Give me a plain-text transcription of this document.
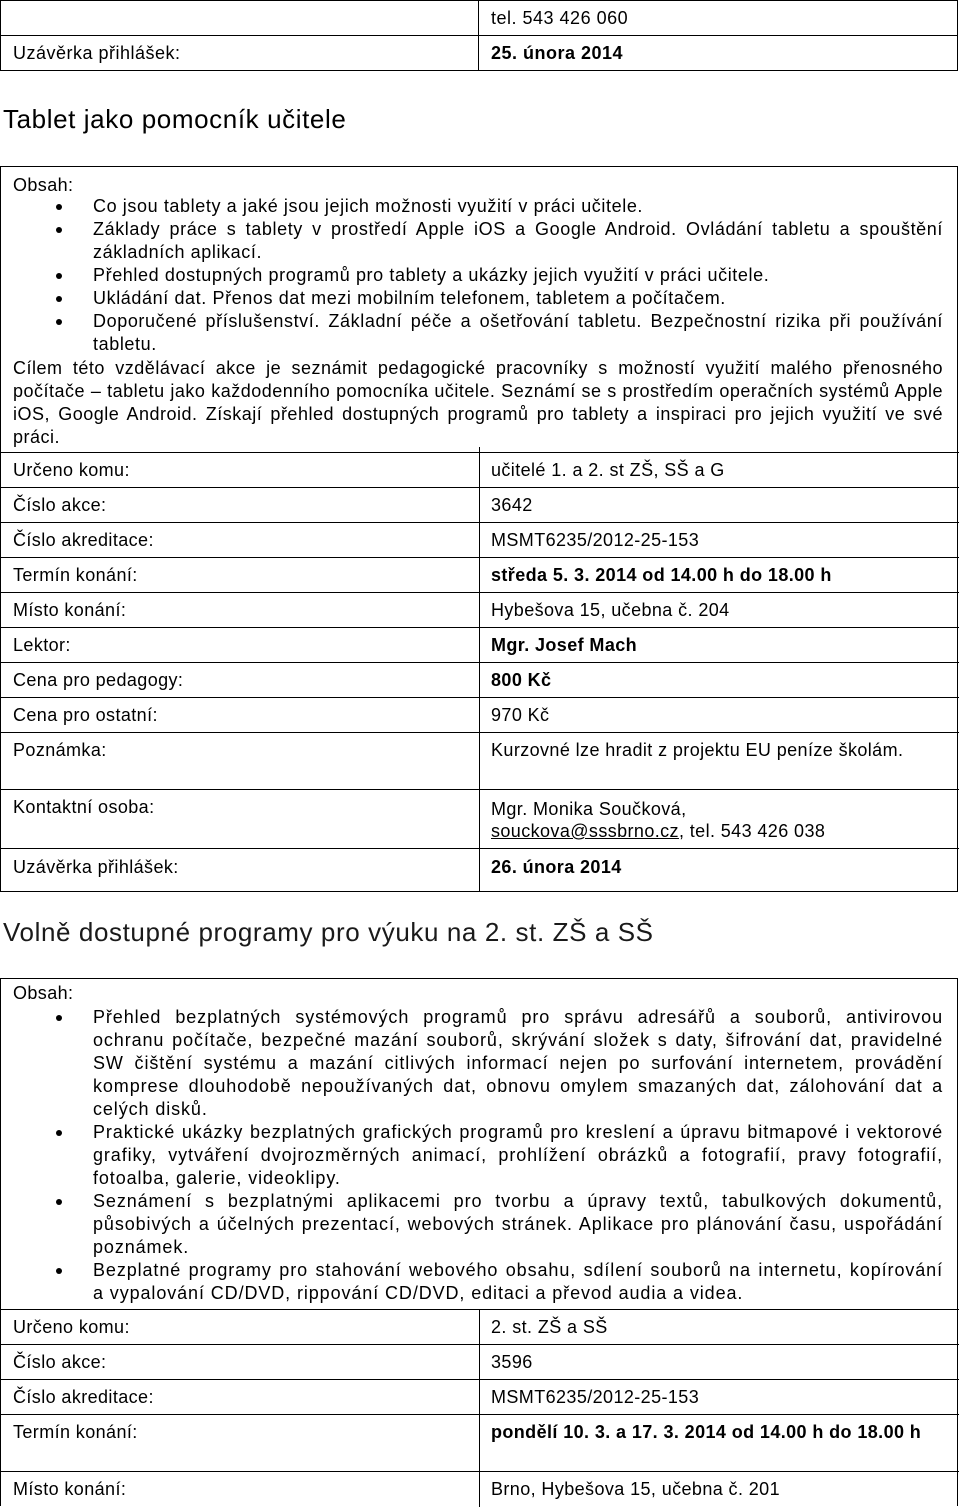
	tel. 543 426 060
Uzávěrka přihlášek:	25. února 2014
Tablet jako pomocník učitele
Obsah:
Co jsou tablety a jaké jsou jejich možnosti využití v práci učitele.
Základy práce s tablety v prostředí Apple iOS a Google Android. Ovládání tabletu a spouštění základních aplikací.
Přehled dostupných programů pro tablety a ukázky jejich využití v práci učitele.
Ukládání dat. Přenos dat mezi mobilním telefonem, tabletem a počítačem.
Doporučené příslušenství. Základní péče a ošetřování tabletu. Bezpečnostní rizika při používání tabletu.

Cílem této vzdělávací akce je seznámit pedagogické pracovníky s možností využití malého přenosného počítače – tabletu jako každodenního pomocníka učitele. Seznámí se s prostředím operačních systémů Apple iOS, Google Android. Získají přehled dostupných programů pro tablety a inspiraci pro jejich využití ve své práci.

Určeno komu:	učitelé 1. a 2. st ZŠ, SŠ a G
Číslo akce:	3642
Číslo akreditace:	MSMT6235/2012-25-153
Termín konání:	středa 5. 3. 2014 od 14.00 h do 18.00 h
Místo konání:	Hybešova 15, učebna č. 204
Lektor:	Mgr. Josef Mach
Cena pro pedagogy:	800 Kč
Cena pro ostatní:	970 Kč
Poznámka:	Kurzovné lze hradit z projektu EU peníze školám.
Kontaktní osoba:	Mgr. Monika Součková,
souckova@sssbrno.cz, tel. 543 426 038
Uzávěrka přihlášek:	26. února 2014
Volně dostupné programy pro výuku na 2. st. ZŠ a SŠ
Obsah:
Přehled bezplatných systémových programů pro správu adresářů a souborů, antivirovou ochranu počítače, bezpečné mazání souborů, skrývání složek s daty, šifrování dat, pravidelné SW čištění systému a mazání citlivých informací nejen po surfování internetem, provádění komprese dlouhodobě nepoužívaných dat, obnovu omylem smazaných dat, zálohování dat a celých disků.
Praktické ukázky bezplatných grafických programů pro kreslení a úpravu bitmapové i vektorové grafiky, vytváření dvojrozměrných animací, prohlížení obrázků a fotografií, pravy fotografií, fotoalba, galerie, videoklipy.
Seznámení s bezplatnými aplikacemi pro tvorbu a úpravy textů, tabulkových dokumentů, působivých a účelných prezentací, webových stránek. Aplikace pro plánování času, uspořádání poznámek.
Bezplatné programy pro stahování webového obsahu, sdílení souborů na internetu, kopírování a vypalování CD/DVD, rippování CD/DVD, editaci a převod audia a videa.
Určeno komu:	2. st. ZŠ a SŠ
Číslo akce:	3596
Číslo akreditace:	MSMT6235/2012-25-153
Termín konání:	pondělí 10. 3. a 17. 3. 2014 od 14.00 h do 18.00 h
Místo konání:	Brno, Hybešova 15, učebna č. 201
